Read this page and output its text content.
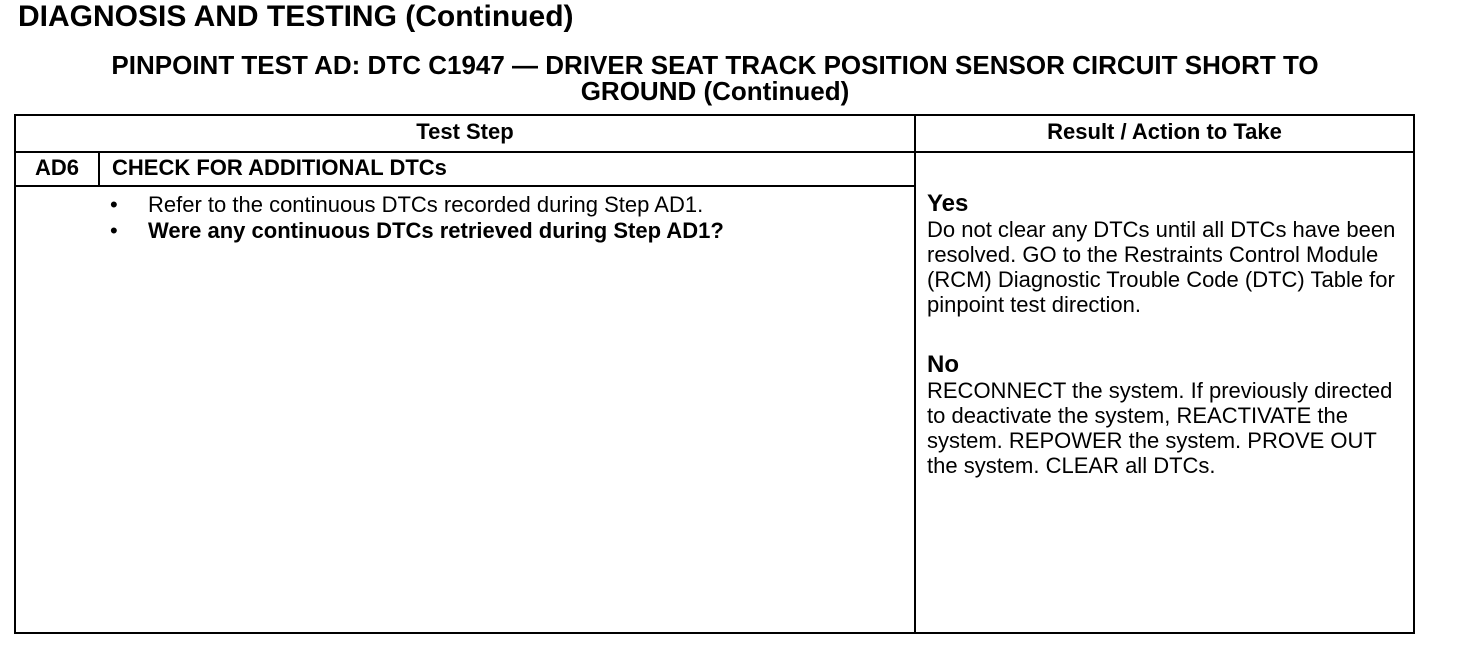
DIAGNOSIS AND TESTING (Continued)
PINPOINT TEST AD: DTC C1947 — DRIVER SEAT TRACK POSITION SENSOR CIRCUIT SHORT TO
GROUND (Continued)
Test Step	Result / Action to Take
AD6	CHECK FOR ADDITIONAL DTCs
• Refer to the continuous DTCs recorded during Step AD1.
• Were any continuous DTCs retrieved during Step AD1?
Yes
Do not clear any DTCs until all DTCs have been resolved. GO to the Restraints Control Module (RCM) Diagnostic Trouble Code (DTC) Table for pinpoint test direction.
No
RECONNECT the system. If previously directed to deactivate the system, REACTIVATE the system. REPOWER the system. PROVE OUT the system. CLEAR all DTCs.
